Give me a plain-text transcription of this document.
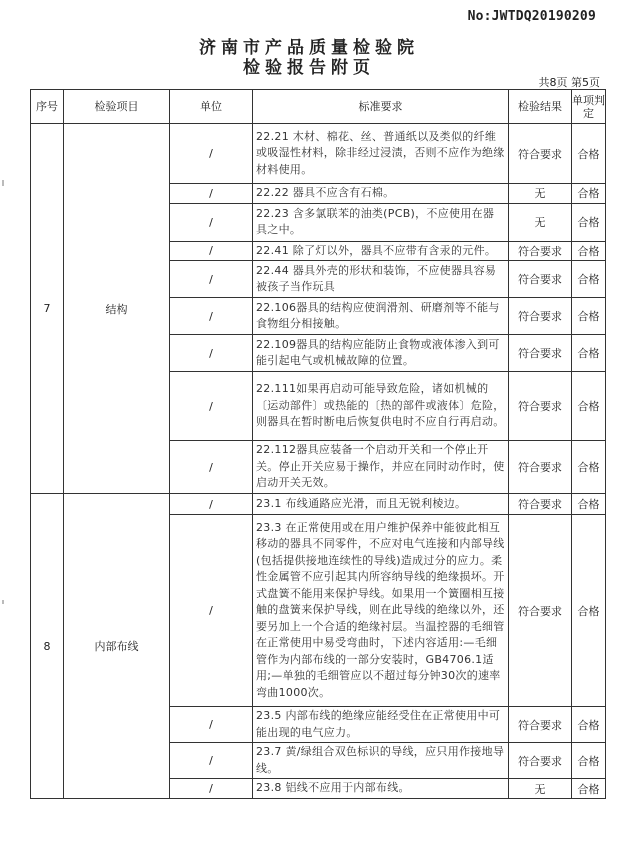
No:JWTDQ20190209
济南市产品质量检验院
检验报告附页
共8页 第5页
序号	检验项目	单位	标准要求	检验结果	单项判定
7	结构	/	22.21 木材、棉花、丝、普通纸以及类似的纤维或吸湿性材料，除非经过浸渍，否则不应作为绝缘材料使用。	符合要求	合格
		/	22.22 器具不应含有石棉。	无	合格
		/	22.23 含多氯联苯的油类(PCB)，不应使用在器具之中。	无	合格
		/	22.41 除了灯以外，器具不应带有含汞的元件。	符合要求	合格
		/	22.44 器具外壳的形状和装饰，不应使器具容易被孩子当作玩具	符合要求	合格
		/	22.106器具的结构应使润滑剂、研磨剂等不能与食物组分相接触。	符合要求	合格
		/	22.109器具的结构应能防止食物或液体渗入到可能引起电气或机械故障的位置。	符合要求	合格
		/	22.111如果再启动可能导致危险，诸如机械的〔运动部件〕或热能的〔热的部件或液体〕危险，则器具在暂时断电后恢复供电时不应自行再启动。	符合要求	合格
		/	22.112器具应装备一个启动开关和一个停止开关。停止开关应易于操作，并应在同时动作时，使启动开关无效。	符合要求	合格
8	内部布线	/	23.1 布线通路应光滑，而且无锐利棱边。	符合要求	合格
		/	23.3 在正常使用或在用户维护保养中能彼此相互移动的器具不同零件，不应对电气连接和内部导线(包括提供接地连续性的导线)造成过分的应力。柔性金属管不应引起其内所容纳导线的绝缘损坏。开式盘簧不能用来保护导线。如果用一个簧圈相互接触的盘簧来保护导线，则在此导线的绝缘以外，还要另加上一个合适的绝缘衬层。当温控器的毛细管在正常使用中易受弯曲时，下述内容适用:—毛细管作为内部布线的一部分安装时，GB4706.1适用;—单独的毛细管应以不超过每分钟30次的速率弯曲1000次。	符合要求	合格
		/	23.5 内部布线的绝缘应能经受住在正常使用中可能出现的电气应力。	符合要求	合格
		/	23.7 黄/绿组合双色标识的导线，应只用作接地导线。	符合要求	合格
		/	23.8 铝线不应用于内部布线。	无	合格
